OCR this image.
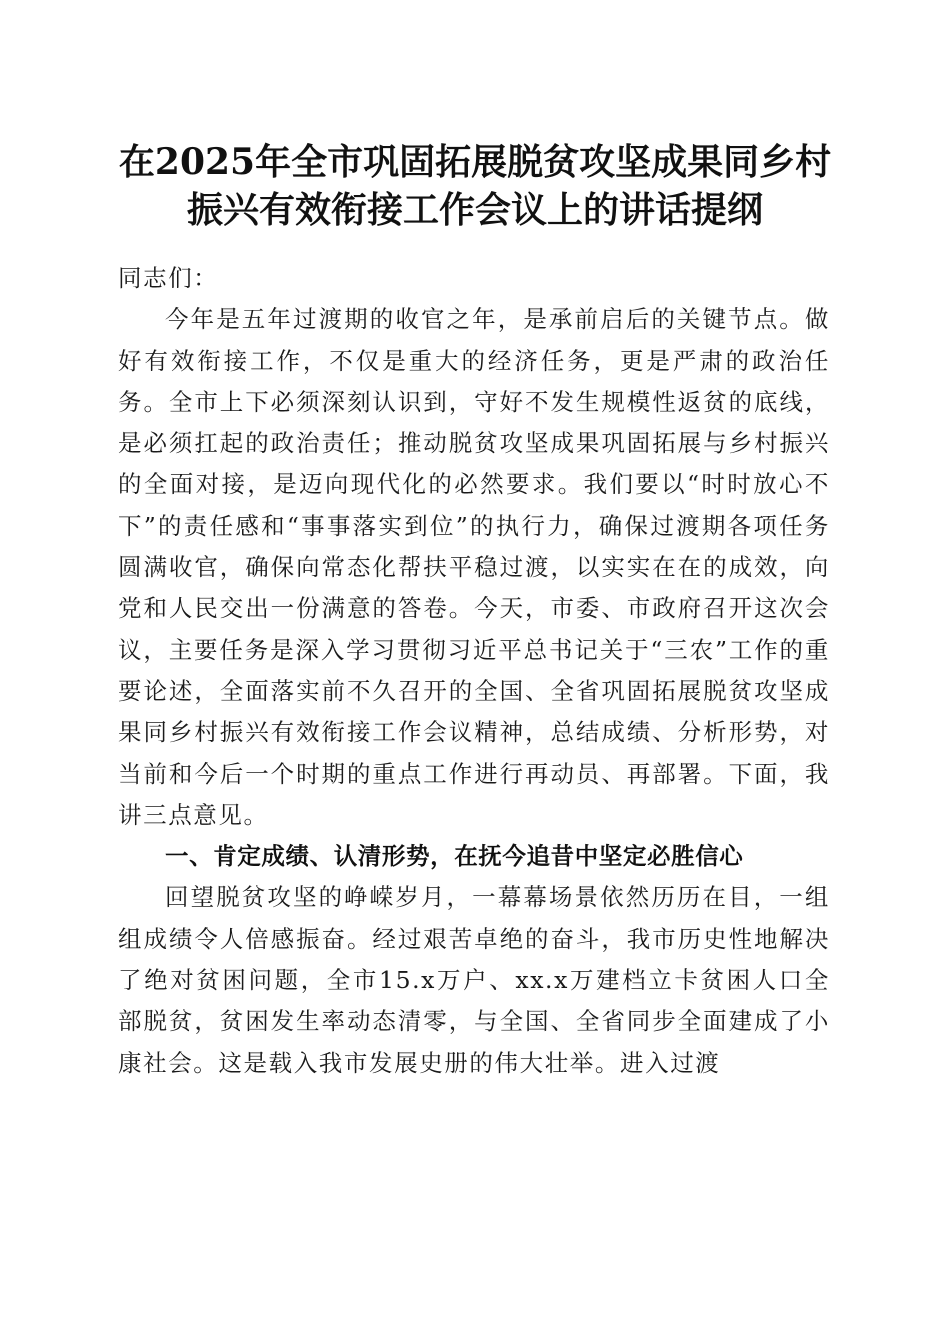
在2025年全市巩固拓展脱贫攻坚成果同乡村
振兴有效衔接工作会议上的讲话提纲

同志们：

今年是五年过渡期的收官之年，是承前启后的关键节点。做好有效衔接工作，不仅是重大的经济任务，更是严肃的政治任务。全市上下必须深刻认识到，守好不发生规模性返贫的底线，是必须扛起的政治责任；推动脱贫攻坚成果巩固拓展与乡村振兴的全面对接，是迈向现代化的必然要求。我们要以“时时放心不下”的责任感和“事事落实到位”的执行力，确保过渡期各项任务圆满收官，确保向常态化帮扶平稳过渡，以实实在在的成效，向党和人民交出一份满意的答卷。今天，市委、市政府召开这次会议，主要任务是深入学习贯彻习近平总书记关于“三农”工作的重要论述，全面落实前不久召开的全国、全省巩固拓展脱贫攻坚成果同乡村振兴有效衔接工作会议精神，总结成绩、分析形势，对当前和今后一个时期的重点工作进行再动员、再部署。下面，我讲三点意见。

一、肯定成绩、认清形势，在抚今追昔中坚定必胜信心

回望脱贫攻坚的峥嵘岁月，一幕幕场景依然历历在目，一组组成绩令人倍感振奋。经过艰苦卓绝的奋斗，我市历史性地解决了绝对贫困问题，全市15.x万户、xx.x万建档立卡贫困人口全部脱贫，贫困发生率动态清零，与全国、全省同步全面建成了小康社会。这是载入我市发展史册的伟大壮举。进入过渡
